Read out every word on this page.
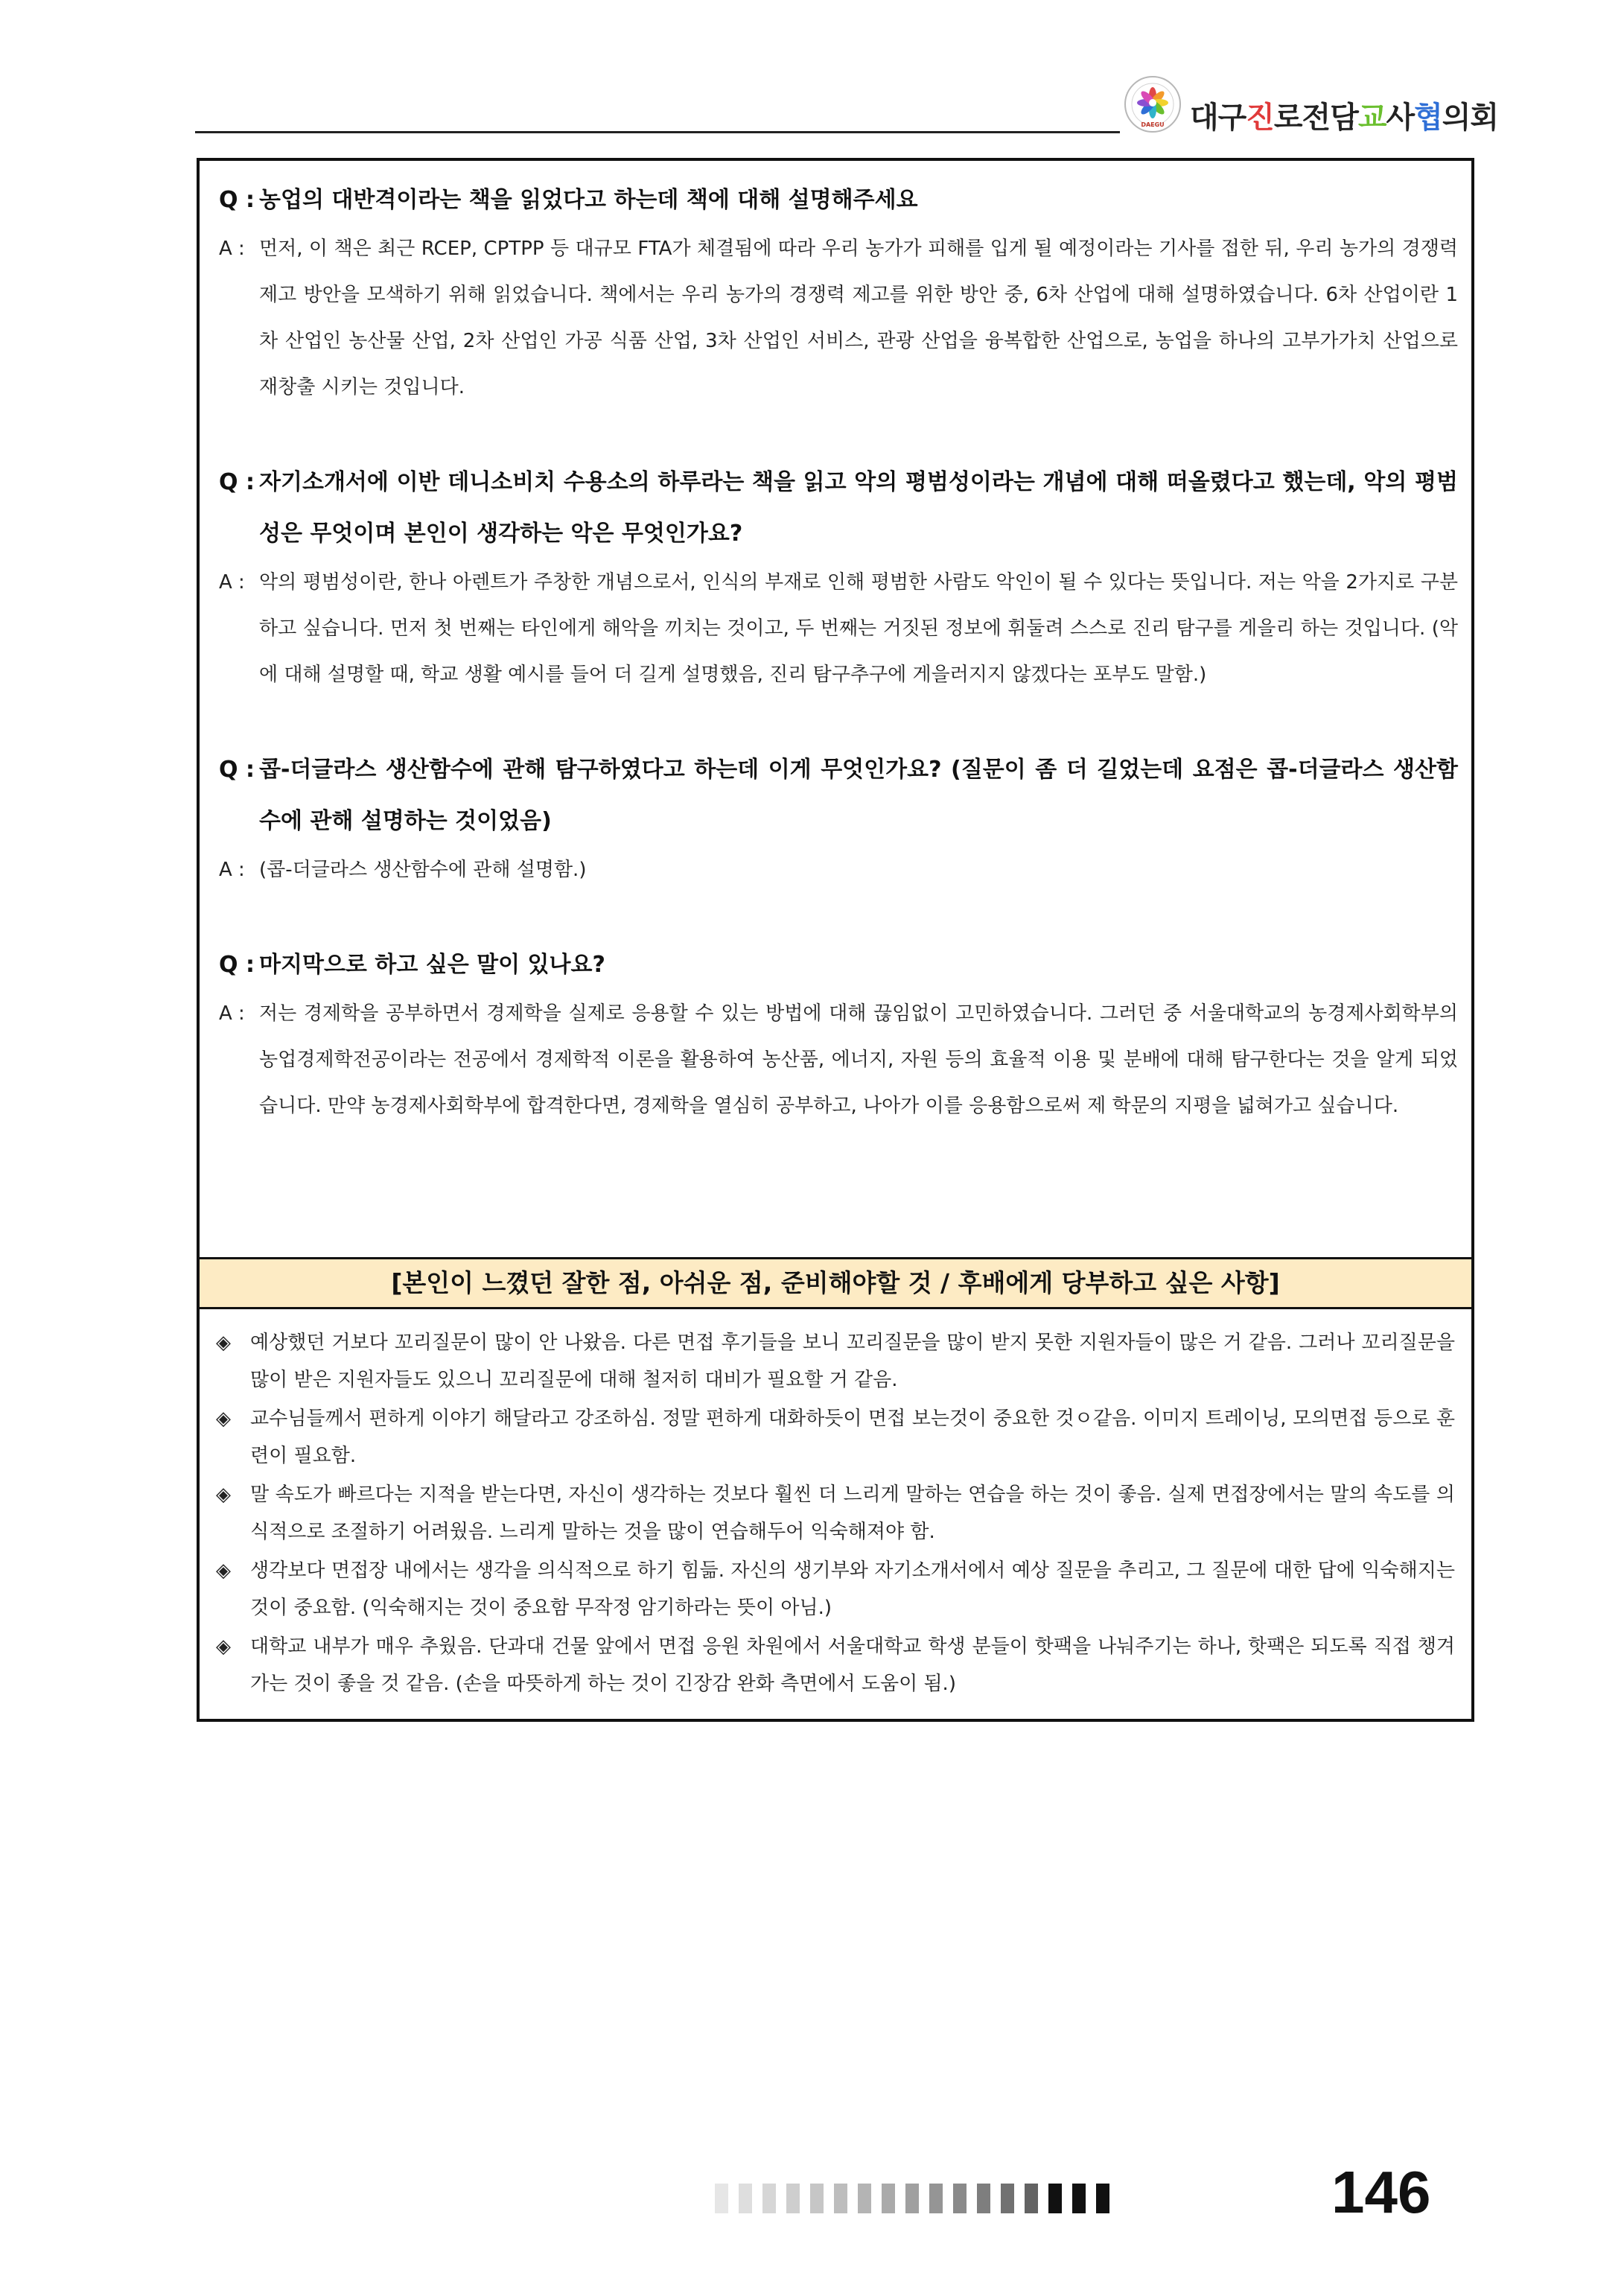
DAEGU 대구진로전담교사협의회
Q : 농업의 대반격이라는 책을 읽었다고 하는데 책에 대해 설명해주세요
A : 먼저, 이 책은 최근 RCEP, CPTPP 등 대규모 FTA가 체결됨에 따라 우리 농가가 피해를 입게 될 예정이라는 기사를 접한 뒤, 우리 농가의 경쟁력 제고 방안을 모색하기 위해 읽었습니다. 책에서는 우리 농가의 경쟁력 제고를 위한 방안 중, 6차 산업에 대해 설명하였습니다. 6차 산업이란 1차 산업인 농산물 산업, 2차 산업인 가공 식품 산업, 3차 산업인 서비스, 관광 산업을 융복합한 산업으로, 농업을 하나의 고부가가치 산업으로 재창출 시키는 것입니다.
Q : 자기소개서에 이반 데니소비치 수용소의 하루라는 책을 읽고 악의 평범성이라는 개념에 대해 떠올렸다고 했는데, 악의 평범성은 무엇이며 본인이 생각하는 악은 무엇인가요?
A : 악의 평범성이란, 한나 아렌트가 주창한 개념으로서, 인식의 부재로 인해 평범한 사람도 악인이 될 수 있다는 뜻입니다. 저는 악을 2가지로 구분하고 싶습니다. 먼저 첫 번째는 타인에게 해악을 끼치는 것이고, 두 번째는 거짓된 정보에 휘둘려 스스로 진리 탐구를 게을리 하는 것입니다. (악에 대해 설명할 때, 학교 생활 예시를 들어 더 길게 설명했음, 진리 탐구추구에 게을러지지 않겠다는 포부도 말함.)
Q : 콥-더글라스 생산함수에 관해 탐구하였다고 하는데 이게 무엇인가요? (질문이 좀 더 길었는데 요점은 콥-더글라스 생산함수에 관해 설명하는 것이었음)
A : (콥-더글라스 생산함수에 관해 설명함.)
Q : 마지막으로 하고 싶은 말이 있나요?
A : 저는 경제학을 공부하면서 경제학을 실제로 응용할 수 있는 방법에 대해 끊임없이 고민하였습니다. 그러던 중 서울대학교의 농경제사회학부의 농업경제학전공이라는 전공에서 경제학적 이론을 활용하여 농산품, 에너지, 자원 등의 효율적 이용 및 분배에 대해 탐구한다는 것을 알게 되었습니다. 만약 농경제사회학부에 합격한다면, 경제학을 열심히 공부하고, 나아가 이를 응용함으로써 제 학문의 지평을 넓혀가고 싶습니다.
[본인이 느꼈던 잘한 점, 아쉬운 점, 준비해야할 것 / 후배에게 당부하고 싶은 사항]
◈	예상했던 거보다 꼬리질문이 많이 안 나왔음. 다른 면접 후기들을 보니 꼬리질문을 많이 받지 못한 지원자들이 많은 거 같음. 그러나 꼬리질문을 많이 받은 지원자들도 있으니 꼬리질문에 대해 철저히 대비가 필요할 거 같음.
◈	교수님들께서 편하게 이야기 해달라고 강조하심. 정말 편하게 대화하듯이 면접 보는것이 중요한 것ㅇ같음. 이미지 트레이닝, 모의면접 등으로 훈련이 필요함.
◈	말 속도가 빠르다는 지적을 받는다면, 자신이 생각하는 것보다 훨씬 더 느리게 말하는 연습을 하는 것이 좋음. 실제 면접장에서는 말의 속도를 의식적으로 조절하기 어려웠음. 느리게 말하는 것을 많이 연습해두어 익숙해져야 함.
◈	생각보다 면접장 내에서는 생각을 의식적으로 하기 힘듦. 자신의 생기부와 자기소개서에서 예상 질문을 추리고, 그 질문에 대한 답에 익숙해지는 것이 중요함. (익숙해지는 것이 중요함 무작정 암기하라는 뜻이 아님.)
◈	대학교 내부가 매우 추웠음. 단과대 건물 앞에서 면접 응원 차원에서 서울대학교 학생 분들이 핫팩을 나눠주기는 하나, 핫팩은 되도록 직접 챙겨가는 것이 좋을 것 같음. (손을 따뜻하게 하는 것이 긴장감 완화 측면에서 도움이 됨.)
146
